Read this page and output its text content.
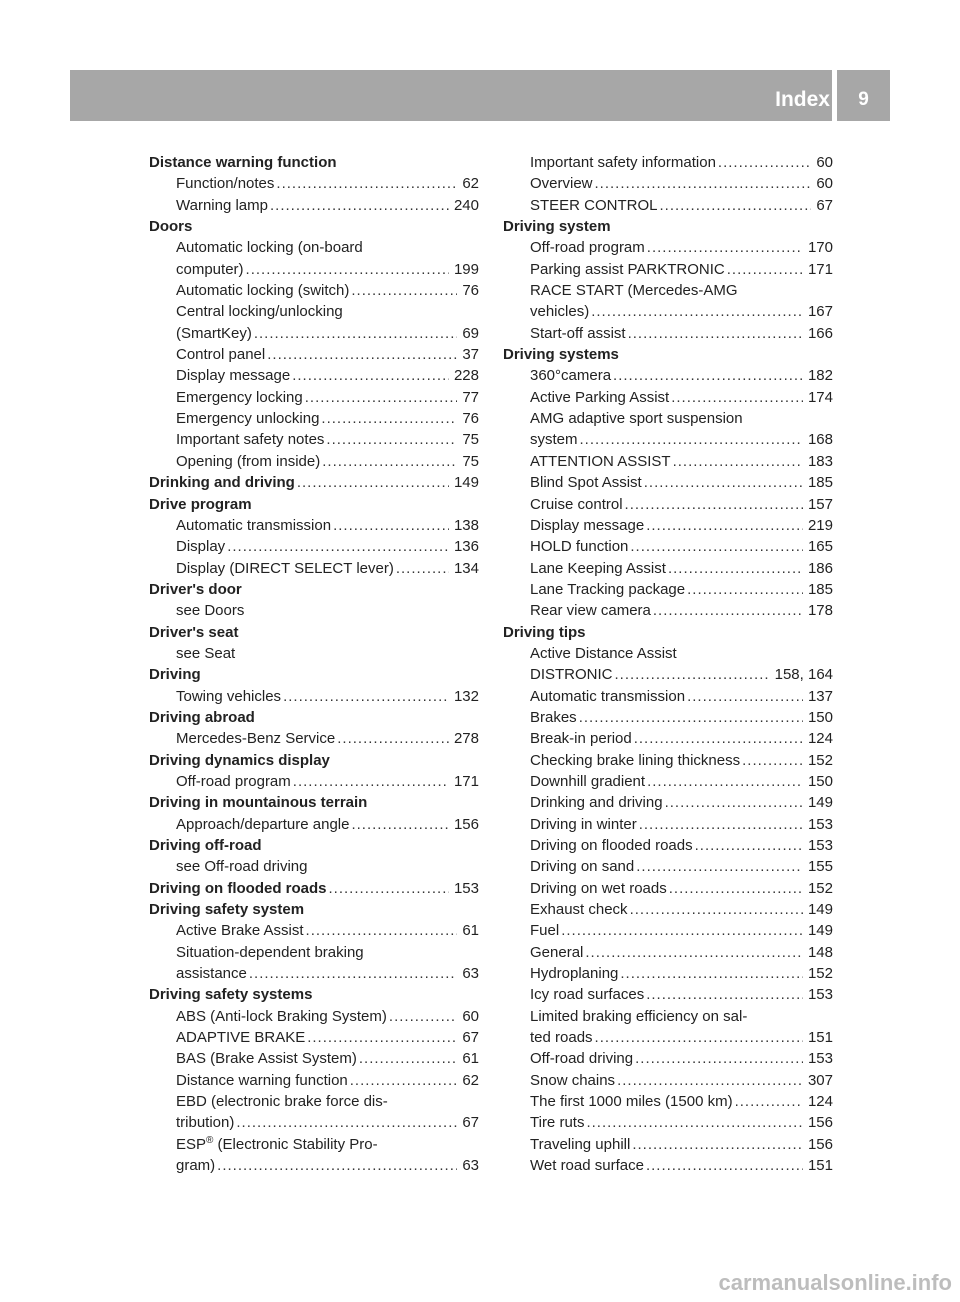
Index	9
Distance warning function
Function/notes .....	62
Warning lamp .....	240
Doors
Automatic locking (on-board
computer) .....	199
Automatic locking (switch) .....	76
Central locking/unlocking
(SmartKey) .....	69
Control panel .....	37
Display message .....	228
Emergency locking .....	77
Emergency unlocking .....	76
Important safety notes .....	75
Opening (from inside) .....	75
Drinking and driving .....	149
Drive program
Automatic transmission .....	138
Display .....	136
Display (DIRECT SELECT lever) .....	134
Driver's door
see Doors
Driver's seat
see Seat
Driving
Towing vehicles .....	132
Driving abroad
Mercedes-Benz Service .....	278
Driving dynamics display
Off-road program .....	171
Driving in mountainous terrain
Approach/departure angle .....	156
Driving off-road
see Off-road driving
Driving on flooded roads .....	153
Driving safety system
Active Brake Assist .....	61
Situation-dependent braking
assistance .....	63
Driving safety systems
ABS (Anti-lock Braking System) .....	60
ADAPTIVE BRAKE .....	67
BAS (Brake Assist System) .....	61
Distance warning function .....	62
EBD (electronic brake force dis-
tribution) .....	67
ESP® (Electronic Stability Pro-
gram) .....	63
Important safety information .....	60
Overview .....	60
STEER CONTROL .....	67
Driving system
Off-road program .....	170
Parking assist PARKTRONIC .....	171
RACE START (Mercedes-AMG
vehicles) .....	167
Start-off assist .....	166
Driving systems
360°camera .....	182
Active Parking Assist .....	174
AMG adaptive sport suspension
system .....	168
ATTENTION ASSIST .....	183
Blind Spot Assist .....	185
Cruise control .....	157
Display message .....	219
HOLD function .....	165
Lane Keeping Assist .....	186
Lane Tracking package .....	185
Rear view camera .....	178
Driving tips
Active Distance Assist
DISTRONIC .....	158, 164
Automatic transmission .....	137
Brakes .....	150
Break-in period .....	124
Checking brake lining thickness .....	152
Downhill gradient .....	150
Drinking and driving .....	149
Driving in winter .....	153
Driving on flooded roads .....	153
Driving on sand .....	155
Driving on wet roads .....	152
Exhaust check .....	149
Fuel .....	149
General .....	148
Hydroplaning .....	152
Icy road surfaces .....	153
Limited braking efficiency on sal-
ted roads .....	151
Off-road driving .....	153
Snow chains .....	307
The first 1000 miles (1500 km) .....	124
Tire ruts .....	156
Traveling uphill .....	156
Wet road surface .....	151
carmanualsonline.info
